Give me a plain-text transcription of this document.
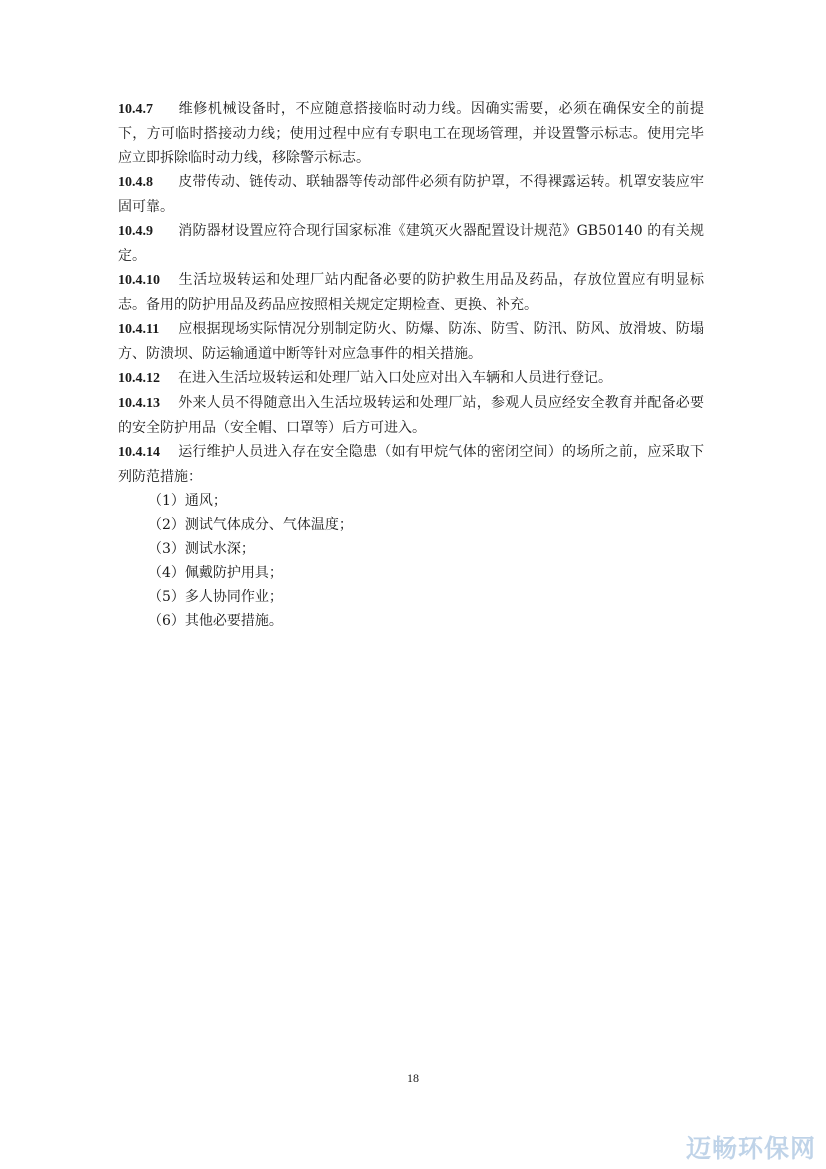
10.4.7 维修机械设备时，不应随意搭接临时动力线。因确实需要，必须在确保安全的前提下，方可临时搭接动力线；使用过程中应有专职电工在现场管理，并设置警示标志。使用完毕应立即拆除临时动力线，移除警示标志。

10.4.8 皮带传动、链传动、联轴器等传动部件必须有防护罩，不得裸露运转。机罩安装应牢固可靠。

10.4.9 消防器材设置应符合现行国家标准《建筑灭火器配置设计规范》GB50140 的有关规定。

10.4.10 生活垃圾转运和处理厂站内配备必要的防护救生用品及药品，存放位置应有明显标志。备用的防护用品及药品应按照相关规定定期检查、更换、补充。

10.4.11 应根据现场实际情况分别制定防火、防爆、防冻、防雪、防汛、防风、放滑坡、防塌方、防溃坝、防运输通道中断等针对应急事件的相关措施。

10.4.12 在进入生活垃圾转运和处理厂站入口处应对出入车辆和人员进行登记。

10.4.13 外来人员不得随意出入生活垃圾转运和处理厂站，参观人员应经安全教育并配备必要的安全防护用品（安全帽、口罩等）后方可进入。

10.4.14 运行维护人员进入存在安全隐患（如有甲烷气体的密闭空间）的场所之前，应采取下列防范措施：

（1）通风；
（2）测试气体成分、气体温度；
（3）测试水深；
（4）佩戴防护用具；
（5）多人协同作业；
（6）其他必要措施。
18
迈畅环保网
